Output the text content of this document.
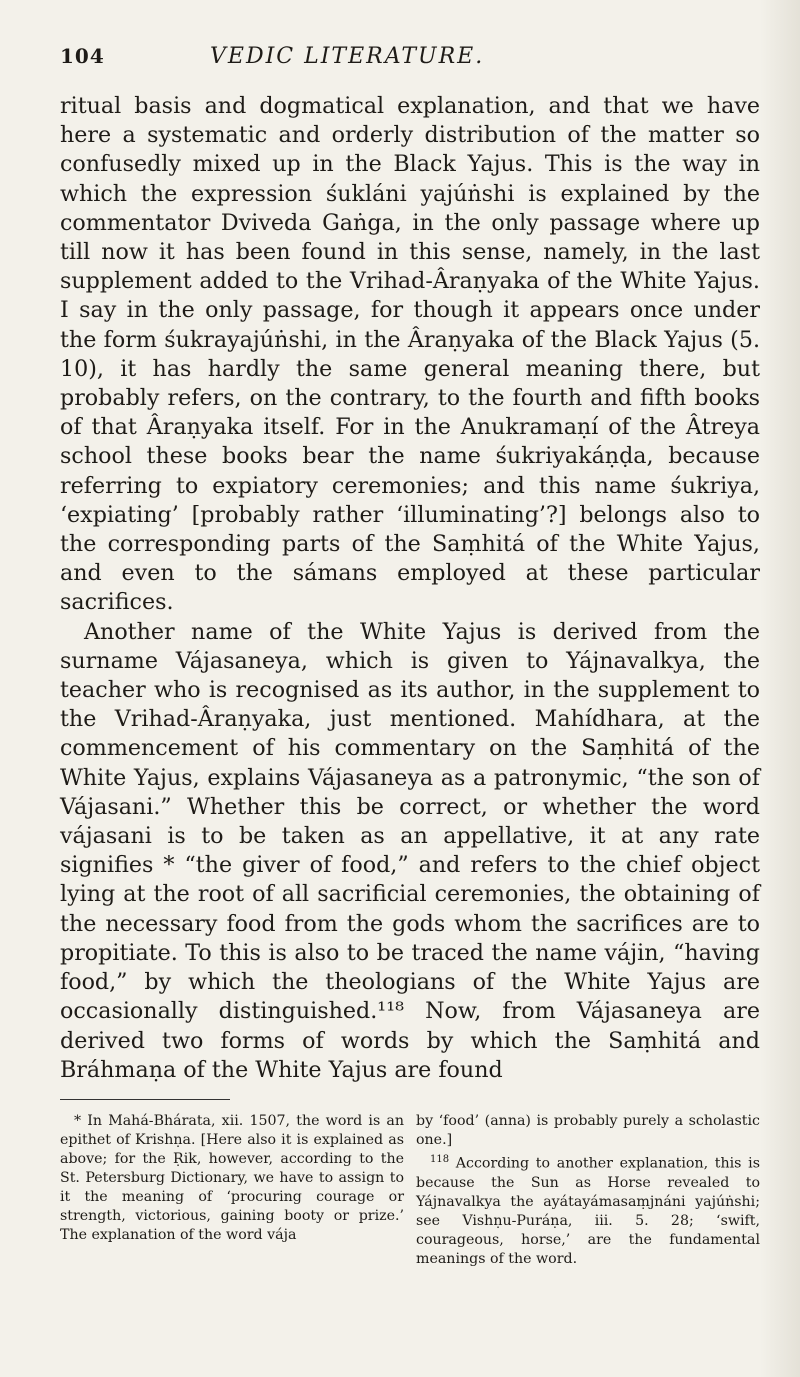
104	VEDIC LITERATURE.

ritual basis and dogmatical explanation, and that we have here a systematic and orderly distribution of the matter so confusedly mixed up in the Black Yajus. This is the way in which the expression śukláni yajúṅshi is explained by the commentator Dviveda Gaṅga, in the only passage where up till now it has been found in this sense, namely, in the last supplement added to the Vrihad-Âraṇyaka of the White Yajus. I say in the only passage, for though it appears once under the form śukrayajúṅshi, in the Âraṇyaka of the Black Yajus (5. 10), it has hardly the same general meaning there, but probably refers, on the contrary, to the fourth and fifth books of that Âraṇyaka itself. For in the Anukramaṇí of the Âtreya school these books bear the name śukriyakáṇḍa, because referring to expiatory ceremonies; and this name śukriya, ‘expiating’ [probably rather ‘illuminating’?] belongs also to the corresponding parts of the Saṃhitá of the White Yajus, and even to the sámans employed at these particular sacrifices.

Another name of the White Yajus is derived from the surname Vájasaneya, which is given to Yájnavalkya, the teacher who is recognised as its author, in the supplement to the Vrihad-Âraṇyaka, just mentioned. Mahídhara, at the commencement of his commentary on the Saṃhitá of the White Yajus, explains Vájasaneya as a patronymic, “the son of Vájasani.” Whether this be correct, or whether the word vájasani is to be taken as an appellative, it at any rate signifies * “the giver of food,” and refers to the chief object lying at the root of all sacrificial ceremonies, the obtaining of the necessary food from the gods whom the sacrifices are to propitiate. To this is also to be traced the name vájin, “having food,” by which the theologians of the White Yajus are occasionally distinguished.¹¹⁸ Now, from Vájasaneya are derived two forms of words by which the Saṃhitá and Bráhmaṇa of the White Yajus are found

* In Mahá-Bhárata, xii. 1507, the word is an epithet of Krishṇa. [Here also it is explained as above; for the Ṛik, however, according to the St. Petersburg Dictionary, we have to assign to it the meaning of ‘procuring courage or strength, victorious, gaining booty or prize.’ The explanation of the word vája

by ‘food’ (anna) is probably purely a scholastic one.]

$^{118}$ According to another explanation, this is because the Sun as Horse revealed to Yájnavalkya the ayátayámasaṃjnáni yajúṅshi; see Vishṇu-Puráṇa, iii. 5. 28; ‘swift, courageous, horse,’ are the fundamental meanings of the word.
